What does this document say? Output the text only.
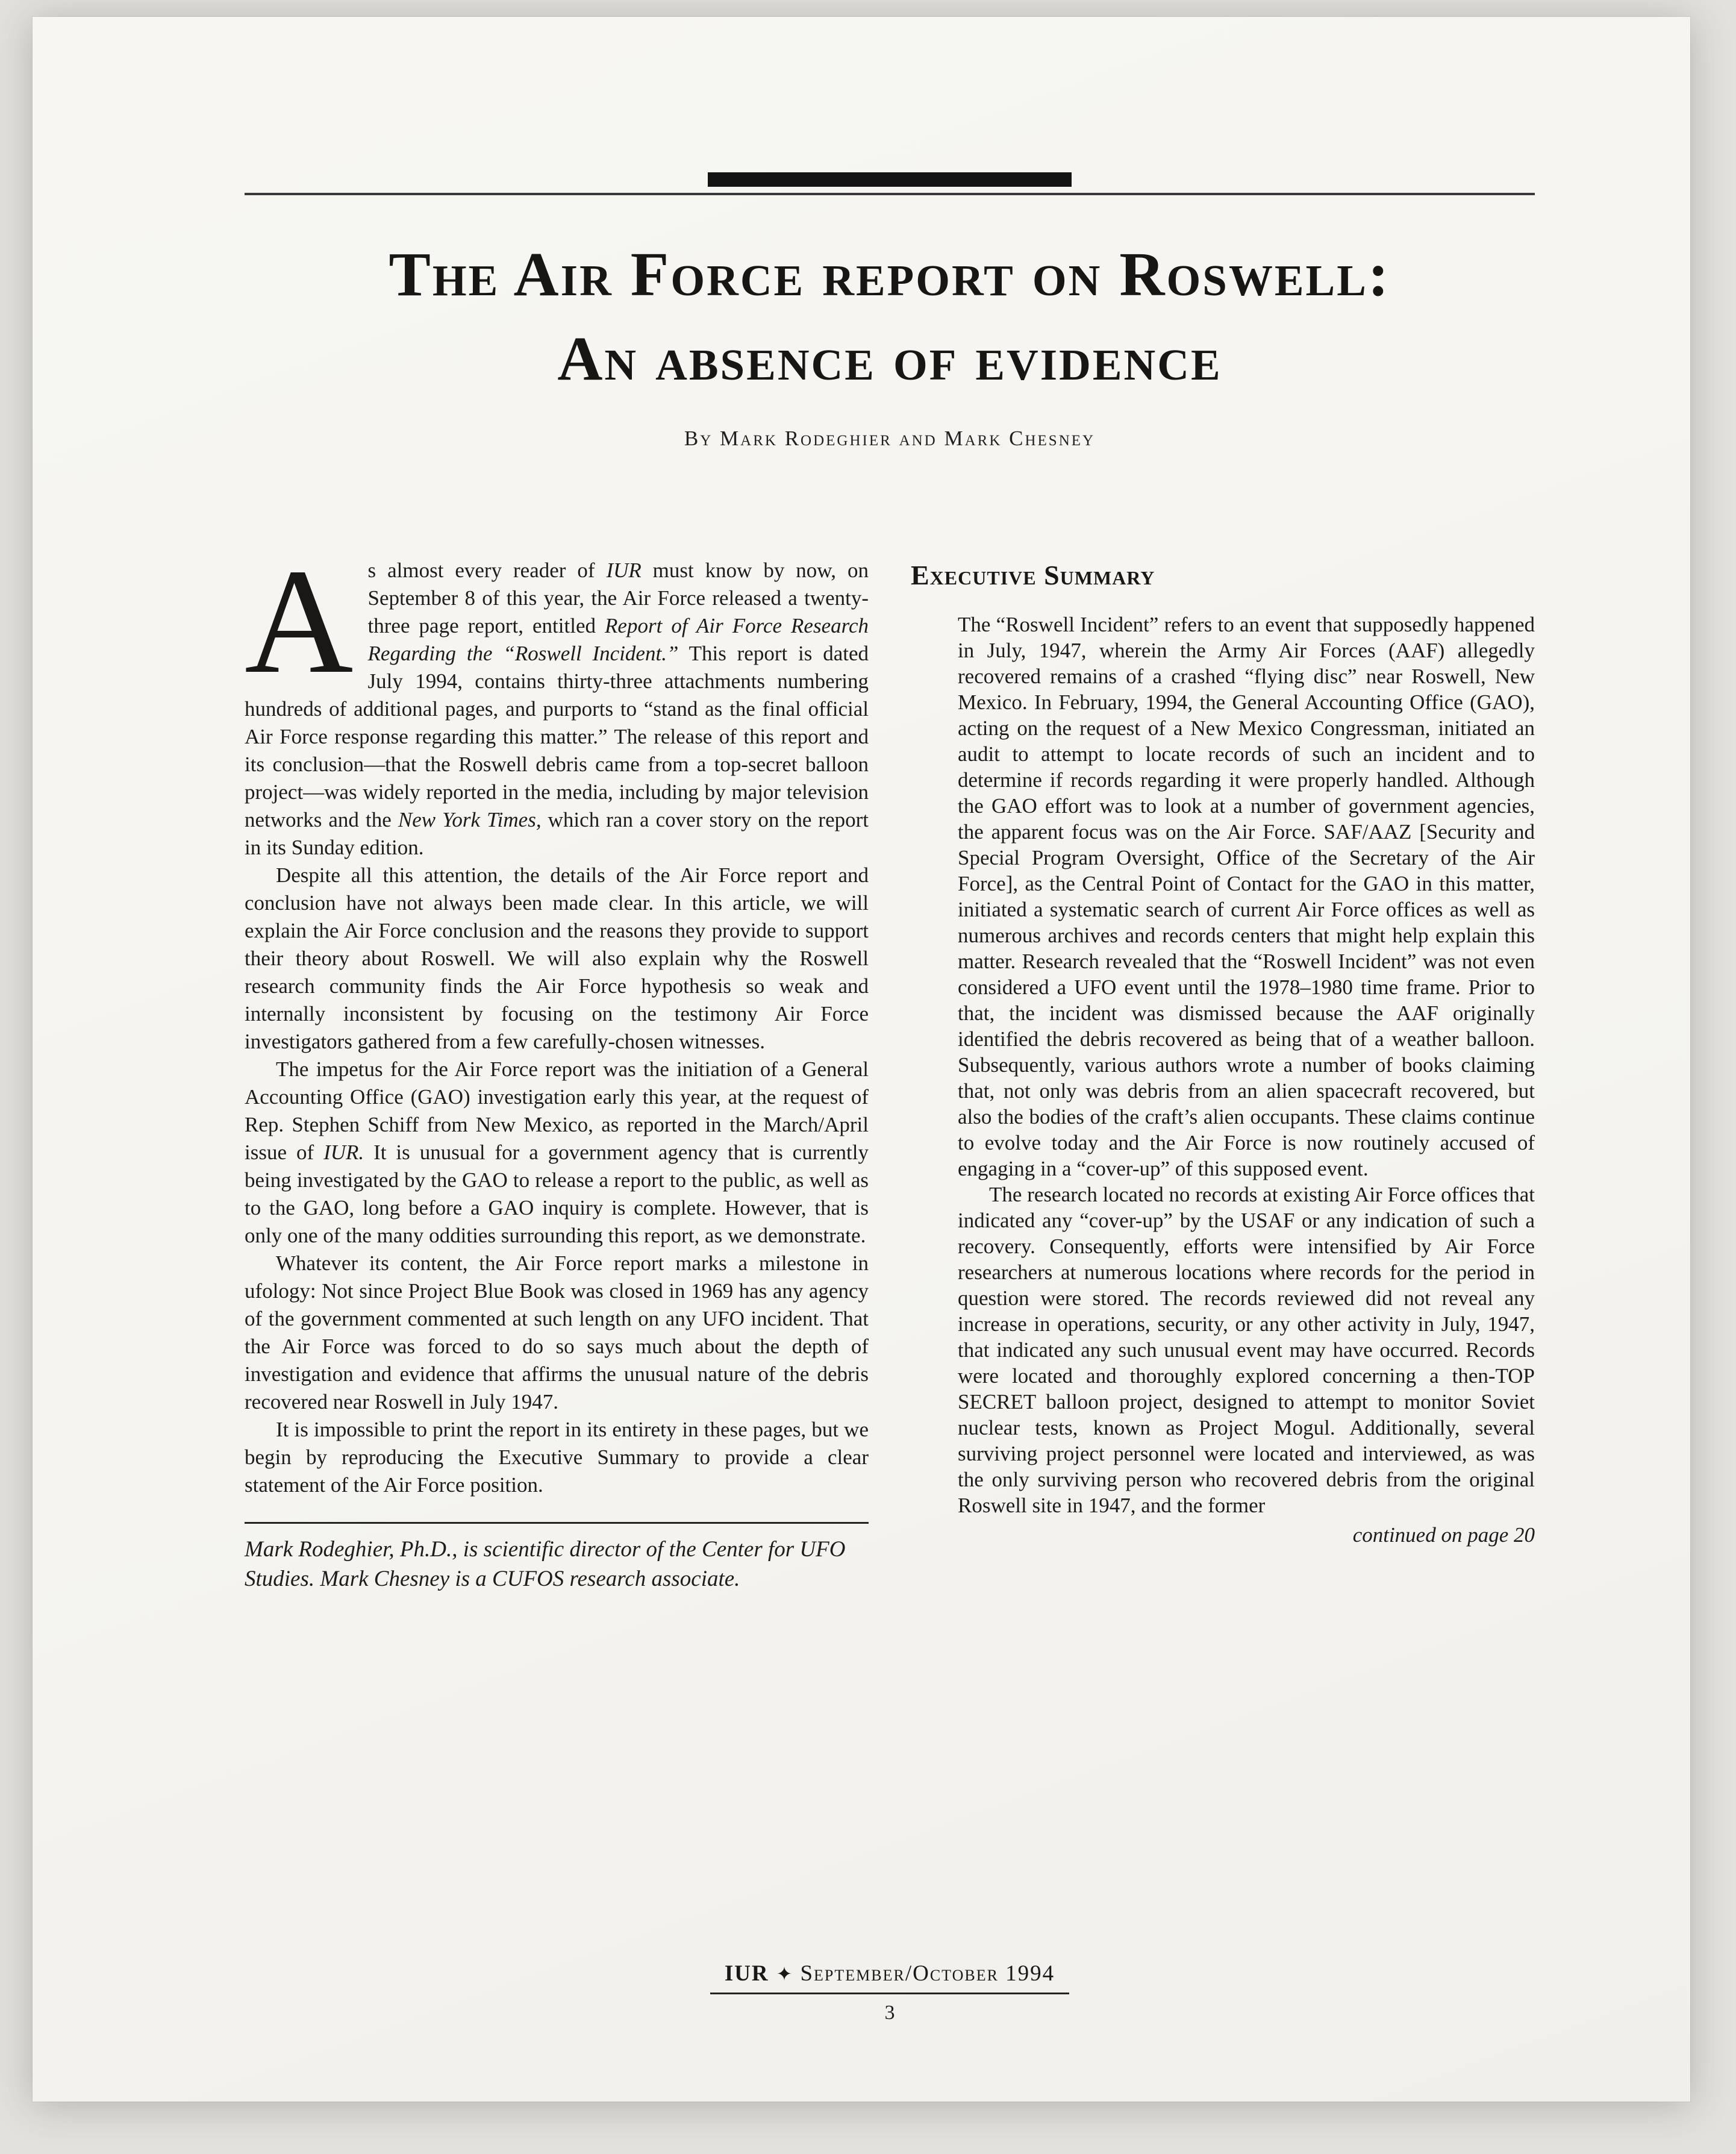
The Air Force report on Roswell:
An absence of evidence
By Mark Rodeghier and Mark Chesney

As almost every reader of IUR must know by now, on September 8 of this year, the Air Force released a twenty-three page report, entitled Report of Air Force Research Regarding the “Roswell Incident.” This report is dated July 1994, contains thirty-three attachments numbering hundreds of additional pages, and purports to “stand as the final official Air Force response regarding this matter.” The release of this report and its conclusion—that the Roswell debris came from a top-secret balloon project—was widely reported in the media, including by major television networks and the New York Times, which ran a cover story on the report in its Sunday edition.

Despite all this attention, the details of the Air Force report and conclusion have not always been made clear. In this article, we will explain the Air Force conclusion and the reasons they provide to support their theory about Roswell. We will also explain why the Roswell research community finds the Air Force hypothesis so weak and internally inconsistent by focusing on the testimony Air Force investigators gathered from a few carefully-chosen witnesses.

The impetus for the Air Force report was the initiation of a General Accounting Office (GAO) investigation early this year, at the request of Rep. Stephen Schiff from New Mexico, as reported in the March/April issue of IUR. It is unusual for a government agency that is currently being investigated by the GAO to release a report to the public, as well as to the GAO, long before a GAO inquiry is complete. However, that is only one of the many oddities surrounding this report, as we demonstrate.

Whatever its content, the Air Force report marks a milestone in ufology: Not since Project Blue Book was closed in 1969 has any agency of the government commented at such length on any UFO incident. That the Air Force was forced to do so says much about the depth of investigation and evidence that affirms the unusual nature of the debris recovered near Roswell in July 1947.

It is impossible to print the report in its entirety in these pages, but we begin by reproducing the Executive Summary to provide a clear statement of the Air Force position.

Mark Rodeghier, Ph.D., is scientific director of the Center for UFO Studies. Mark Chesney is a CUFOS research associate.
Executive Summary

The “Roswell Incident” refers to an event that supposedly happened in July, 1947, wherein the Army Air Forces (AAF) allegedly recovered remains of a crashed “flying disc” near Roswell, New Mexico. In February, 1994, the General Accounting Office (GAO), acting on the request of a New Mexico Congressman, initiated an audit to attempt to locate records of such an incident and to determine if records regarding it were properly handled. Although the GAO effort was to look at a number of government agencies, the apparent focus was on the Air Force. SAF/AAZ [Security and Special Program Oversight, Office of the Secretary of the Air Force], as the Central Point of Contact for the GAO in this matter, initiated a systematic search of current Air Force offices as well as numerous archives and records centers that might help explain this matter. Research revealed that the “Roswell Incident” was not even considered a UFO event until the 1978–1980 time frame. Prior to that, the incident was dismissed because the AAF originally identified the debris recovered as being that of a weather balloon. Subsequently, various authors wrote a number of books claiming that, not only was debris from an alien spacecraft recovered, but also the bodies of the craft’s alien occupants. These claims continue to evolve today and the Air Force is now routinely accused of engaging in a “cover-up” of this supposed event.

The research located no records at existing Air Force offices that indicated any “cover-up” by the USAF or any indication of such a recovery. Consequently, efforts were intensified by Air Force researchers at numerous locations where records for the period in question were stored. The records reviewed did not reveal any increase in operations, security, or any other activity in July, 1947, that indicated any such unusual event may have occurred. Records were located and thoroughly explored concerning a then-TOP SECRET balloon project, designed to attempt to monitor Soviet nuclear tests, known as Project Mogul. Additionally, several surviving project personnel were located and interviewed, as was the only surviving person who recovered debris from the original Roswell site in 1947, and the former

continued on page 20
IUR ✦ September/October 1994
3
